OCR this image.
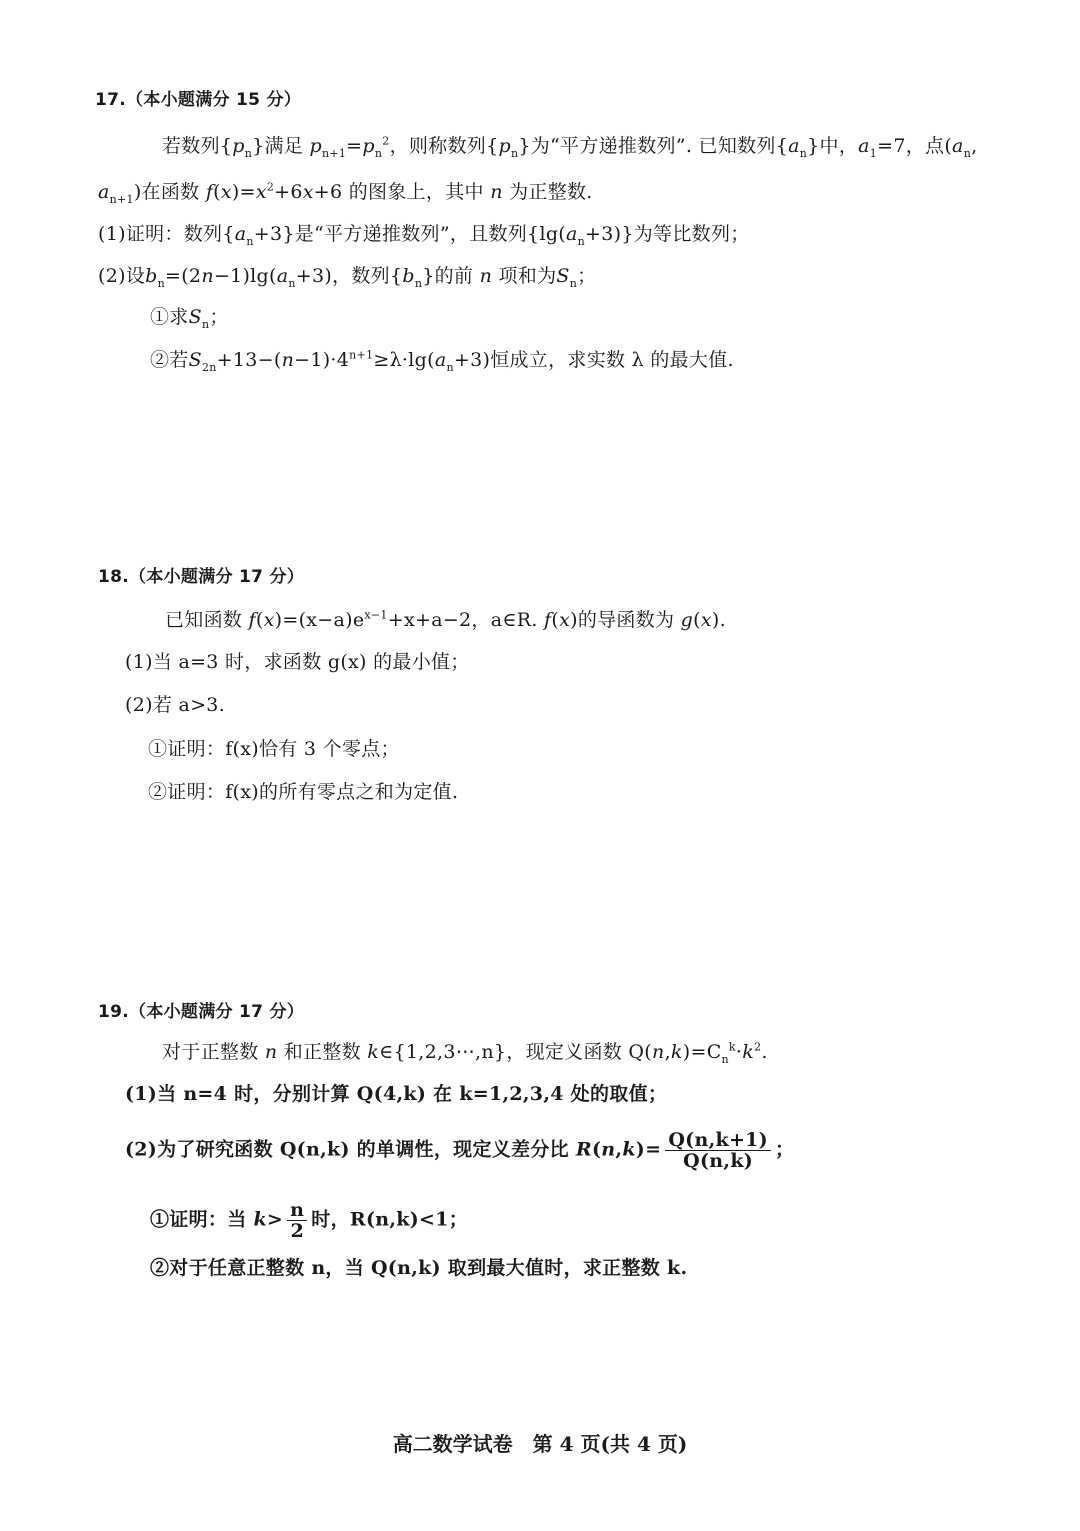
17.（本小题满分 15 分）
若数列$\{p_n\}$满足 $p_{n+1}=p_n^2$，则称数列$\{p_n\}$为“平方递推数列”. 已知数列$\{a_n\}$中，$a_1=7$，点($a_n$,
$a_{n+1}$)在函数 $f(x)=x^2+6x+6$ 的图象上，其中 n 为正整数.
(1)证明：数列$\{a_n+3\}$是“平方递推数列”，且数列$\{\lg(a_n+3)\}$为等比数列；
(2)设$b_n=(2n-1)\lg(a_n+3)$，数列$\{b_n\}$的前 n 项和为$S_n$；
①求$S_n$；
②若$S_{2n}+13-(n-1)\cdot 4^{n+1}\ge\lambda\cdot\lg(a_n+3)$恒成立，求实数 λ 的最大值.
18.（本小题满分 17 分）
已知函数 $f(x)=(x-a)e^{x-1}+x+a-2$，a∈R. f(x)的导函数为 g(x).
(1)当 a=3 时，求函数 g(x) 的最小值；
(2)若 a>3.
①证明：f(x)恰有 3 个零点；
②证明：f(x)的所有零点之和为定值.
19.（本小题满分 17 分）
对于正整数 n 和正整数 k∈{1,2,3⋯,n}，现定义函数 $Q(n,k)=C_n^k\cdot k^2$.
(1)当 n=4 时，分别计算 Q(4,k) 在 k=1,2,3,4 处的取值；
(2)为了研究函数 Q(n,k) 的单调性，现定义差分比 $R(n,k)= \frac{Q(n,k+1)}{Q(n,k)}$ ；
①证明：当 $k> \frac{n}{2}$ 时，R(n,k)<1；
②对于任意正整数 n，当 Q(n,k) 取到最大值时，求正整数 k.
高二数学试卷　第 4 页(共 4 页)
